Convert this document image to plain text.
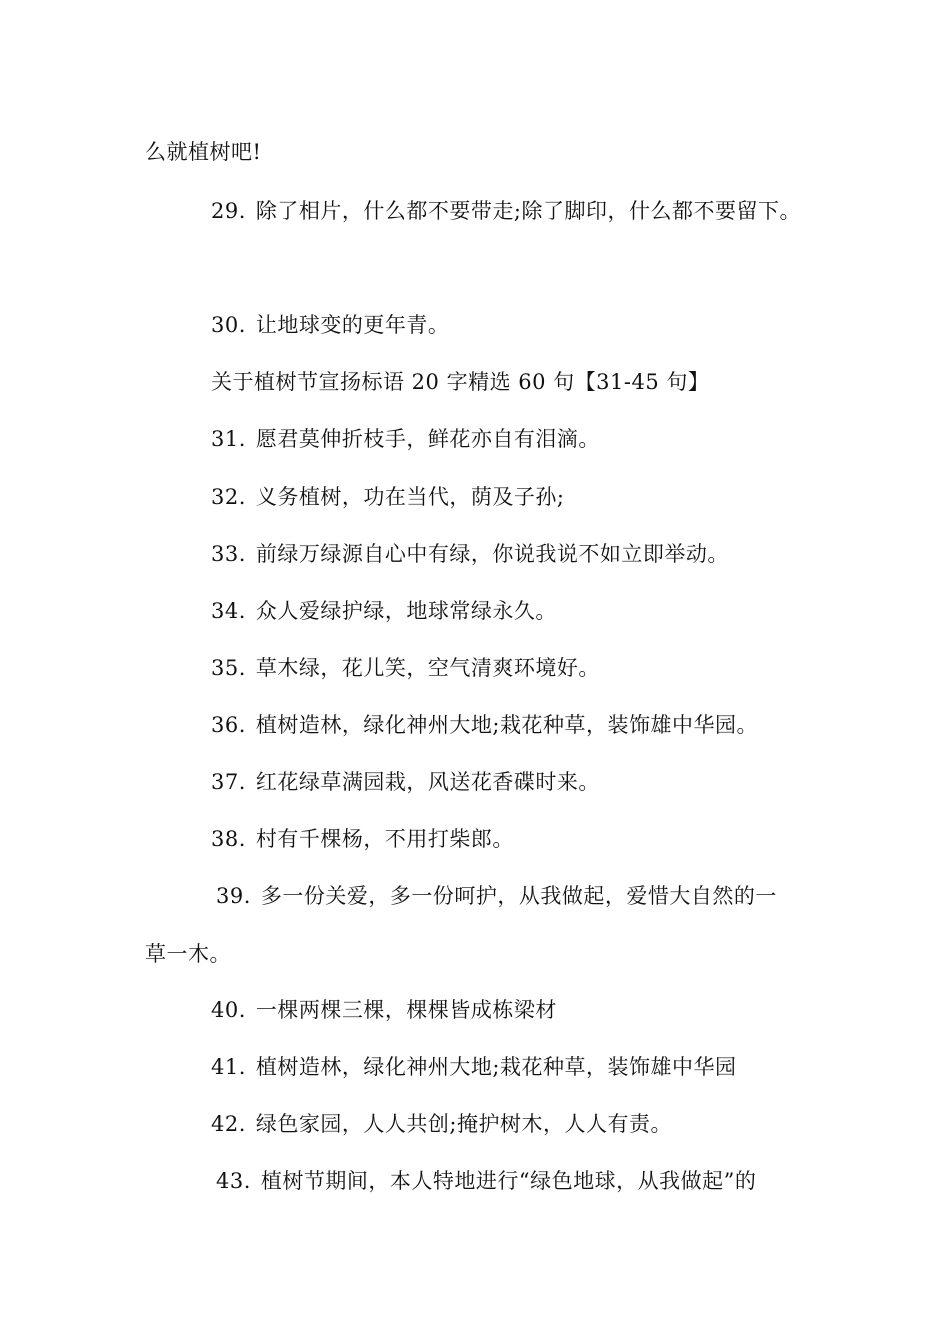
么就植树吧!
29. 除了相片，什么都不要带走;除了脚印，什么都不要留下。
30. 让地球变的更年青。
关于植树节宣扬标语 20 字精选 60 句【31-45 句】
31. 愿君莫伸折枝手，鲜花亦自有泪滴。
32. 义务植树，功在当代，荫及子孙;
33. 前绿万绿源自心中有绿，你说我说不如立即举动。
34. 众人爱绿护绿，地球常绿永久。
35. 草木绿，花儿笑，空气清爽环境好。
36. 植树造林，绿化神州大地;栽花种草，装饰雄中华园。
37. 红花绿草满园栽，风送花香碟时来。
38. 村有千棵杨，不用打柴郎。
39. 多一份关爱，多一份呵护，从我做起，爱惜大自然的一
草一木。
40. 一棵两棵三棵，棵棵皆成栋梁材
41. 植树造林，绿化神州大地;栽花种草，装饰雄中华园
42. 绿色家园，人人共创;掩护树木，人人有责。
43. 植树节期间，本人特地进行“绿色地球，从我做起”的
